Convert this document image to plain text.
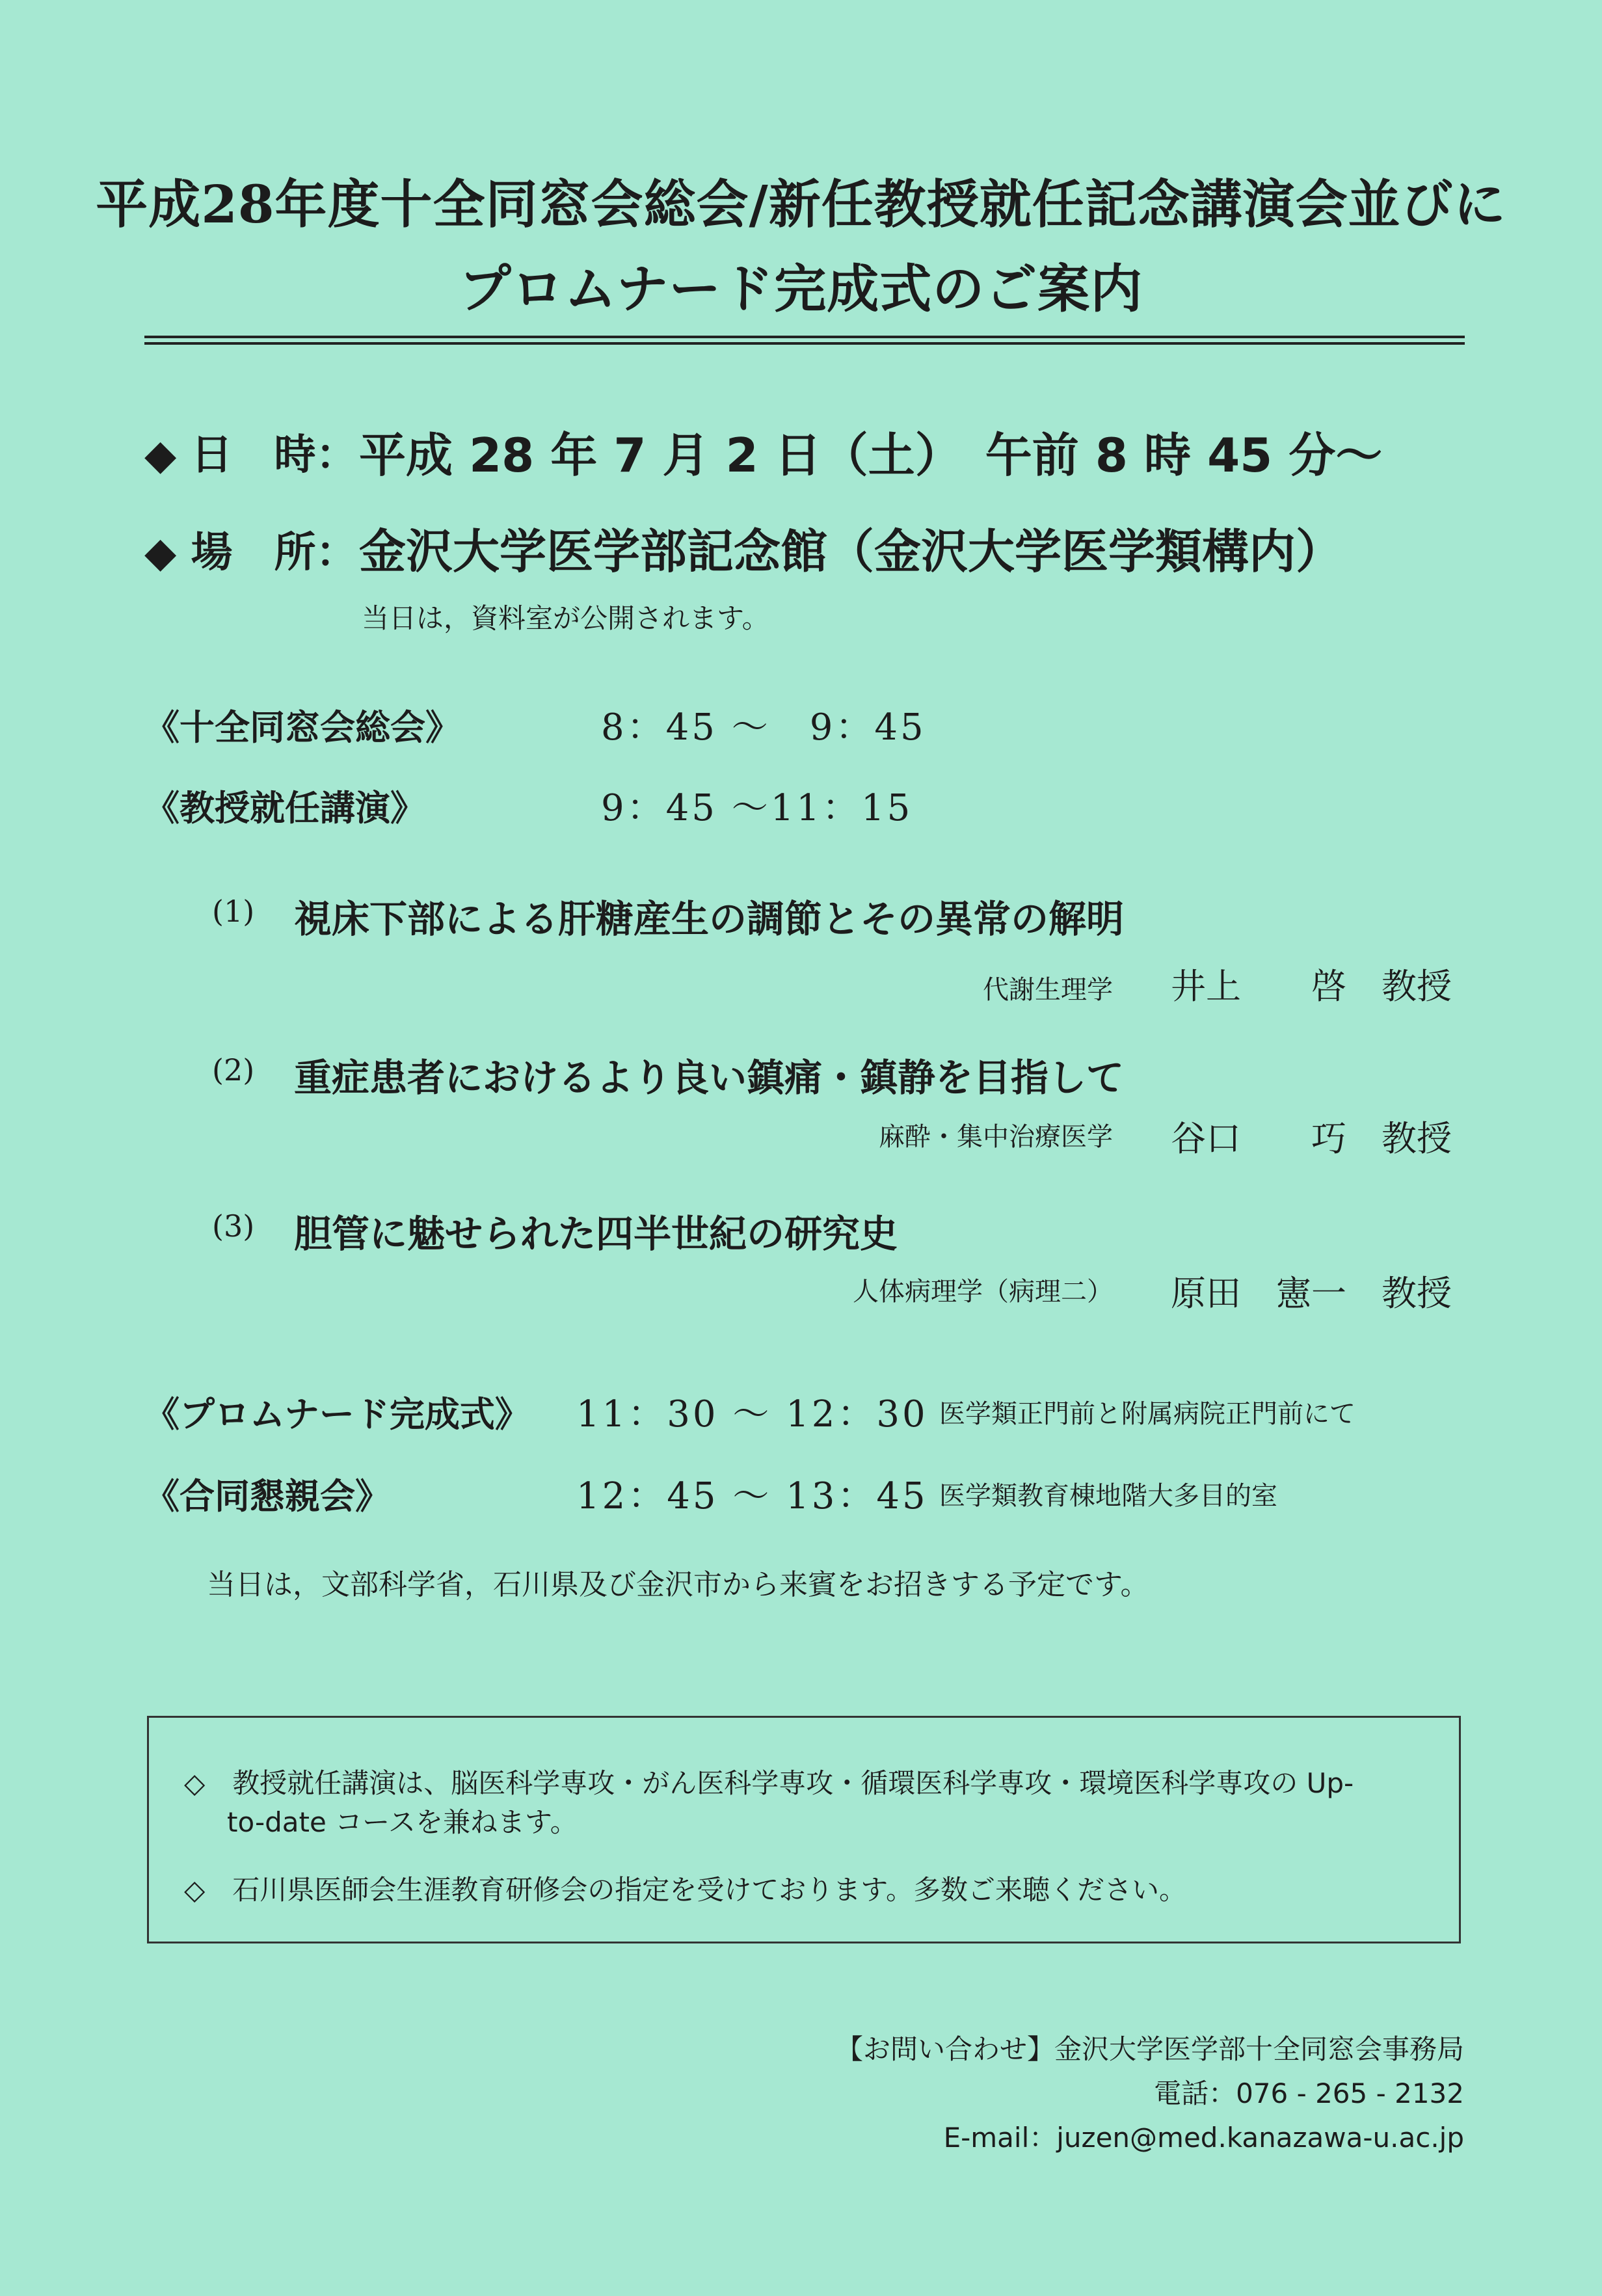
平成28年度十全同窓会総会/新任教授就任記念講演会並びに
プロムナード完成式のご案内
◆ 日　時： 平成 28 年 7 月 2 日（土）　午前 8 時 45 分～
◆ 場　所： 金沢大学医学部記念館（金沢大学医学類構内）
当日は，資料室が公開されます。
《十全同窓会総会》	8：45 ～　9：45
《教授就任講演》	9：45 ～11：15
(1) 視床下部による肝糖産生の調節とその異常の解明
代謝生理学 井上　　啓　教授
(2) 重症患者におけるより良い鎮痛・鎮静を目指して
麻酔・集中治療医学 谷口　　巧　教授
(3) 胆管に魅せられた四半世紀の研究史
人体病理学（病理二） 原田　憲一　教授
《プロムナード完成式》 11：30 ～ 12：30 医学類正門前と附属病院正門前にて
《合同懇親会》	12：45 ～ 13：45 医学類教育棟地階大多目的室
当日は，文部科学省，石川県及び金沢市から来賓をお招きする予定です。
◇　教授就任講演は、脳医科学専攻・がん医科学専攻・循環医科学専攻・環境医科学専攻の Up-
to-date コースを兼ねます。
◇　石川県医師会生涯教育研修会の指定を受けております。多数ご来聴ください。
【お問い合わせ】金沢大学医学部十全同窓会事務局
電話：076 - 265 - 2132
E-mail：juzen@med.kanazawa-u.ac.jp
